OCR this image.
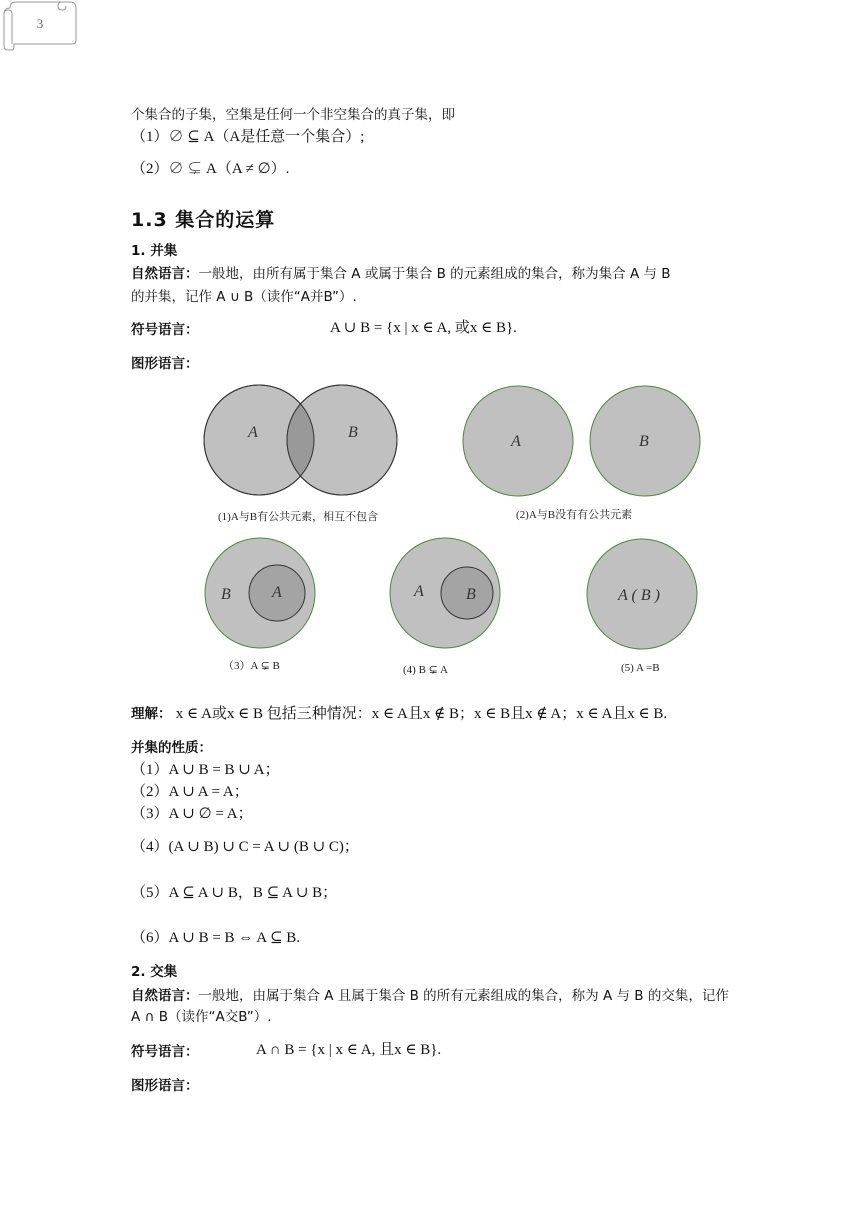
3
个集合的子集，空集是任何一个非空集合的真子集，即
（1）∅ ⊆ A（A是任意一个集合）;
（2）∅ ⊊ A（A ≠ ∅）.
1.3 集合的运算
1. 并集
自然语言：一般地，由所有属于集合 A 或属于集合 B 的元素组成的集合，称为集合 A 与 B
的并集，记作 A ∪ B（读作“A并B”）.
符号语言：	A ∪ B = {x | x ∈ A, 或x ∈ B}.
图形语言：
A	B
(1)A与B有公共元素，相互不包含
A	B
(2)A与B没有有公共元素
B	A
（3）A ⊊ B
A	B
(4) B ⊊ A
A ( B )
(5) A =B
理解： x ∈ A或x ∈ B 包括三种情况：x ∈ A且x ∉ B；x ∈ B且x ∉ A；x ∈ A且x ∈ B.
并集的性质：
（1）A ∪ B = B ∪ A；
（2）A ∪ A = A；
（3）A ∪ ∅ = A；
（4）(A ∪ B) ∪ C = A ∪ (B ∪ C)；
（5）A ⊆ A ∪ B，B ⊆ A ∪ B；
（6）A ∪ B = B ⇔ A ⊆ B.
2. 交集
自然语言：一般地，由属于集合 A 且属于集合 B 的所有元素组成的集合，称为 A 与 B 的交集，记作 A ∩ B（读作“A交B”）.
符号语言：	A ∩ B = {x | x ∈ A, 且x ∈ B}.
图形语言：
